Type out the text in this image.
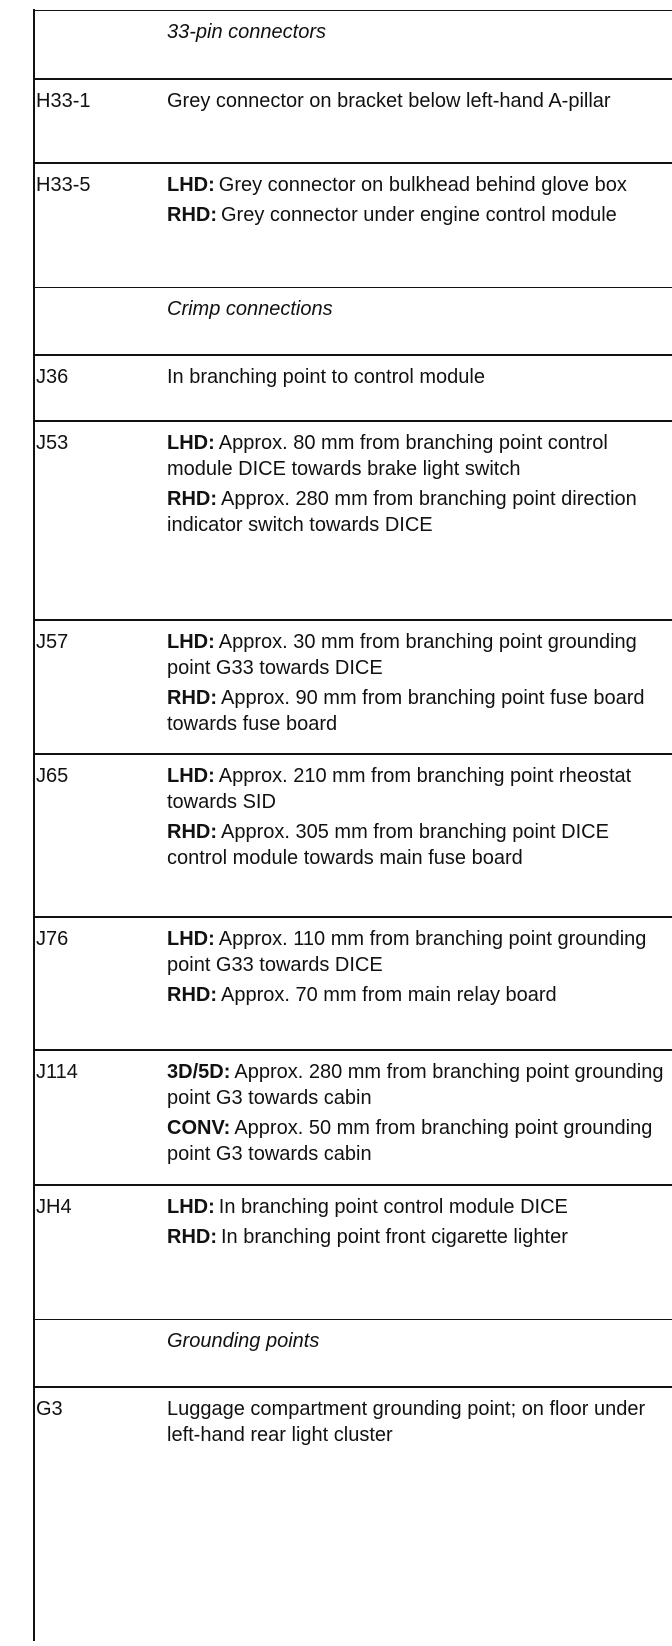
33-pin connectors
H33-1	Grey connector on bracket below left-hand A-pillar
H33-5	LHD: Grey connector on bulkhead behind glove box
RHD: Grey connector under engine control module
Crimp connections
J36	In branching point to control module
J53	LHD: Approx. 80 mm from branching point control module DICE towards brake light switch
RHD: Approx. 280 mm from branching point direction indicator switch towards DICE
J57	LHD: Approx. 30 mm from branching point grounding point G33 towards DICE
RHD: Approx. 90 mm from branching point fuse board towards fuse board
J65	LHD: Approx. 210 mm from branching point rheostat towards SID
RHD: Approx. 305 mm from branching point DICE control module towards main fuse board
J76	LHD: Approx. 110 mm from branching point grounding point G33 towards DICE
RHD: Approx. 70 mm from main relay board
J114	3D/5D: Approx. 280 mm from branching point grounding point G3 towards cabin
CONV: Approx. 50 mm from branching point grounding point G3 towards cabin
JH4	LHD: In branching point control module DICE
RHD: In branching point front cigarette lighter
Grounding points
G3	Luggage compartment grounding point; on floor under left-hand rear light cluster
